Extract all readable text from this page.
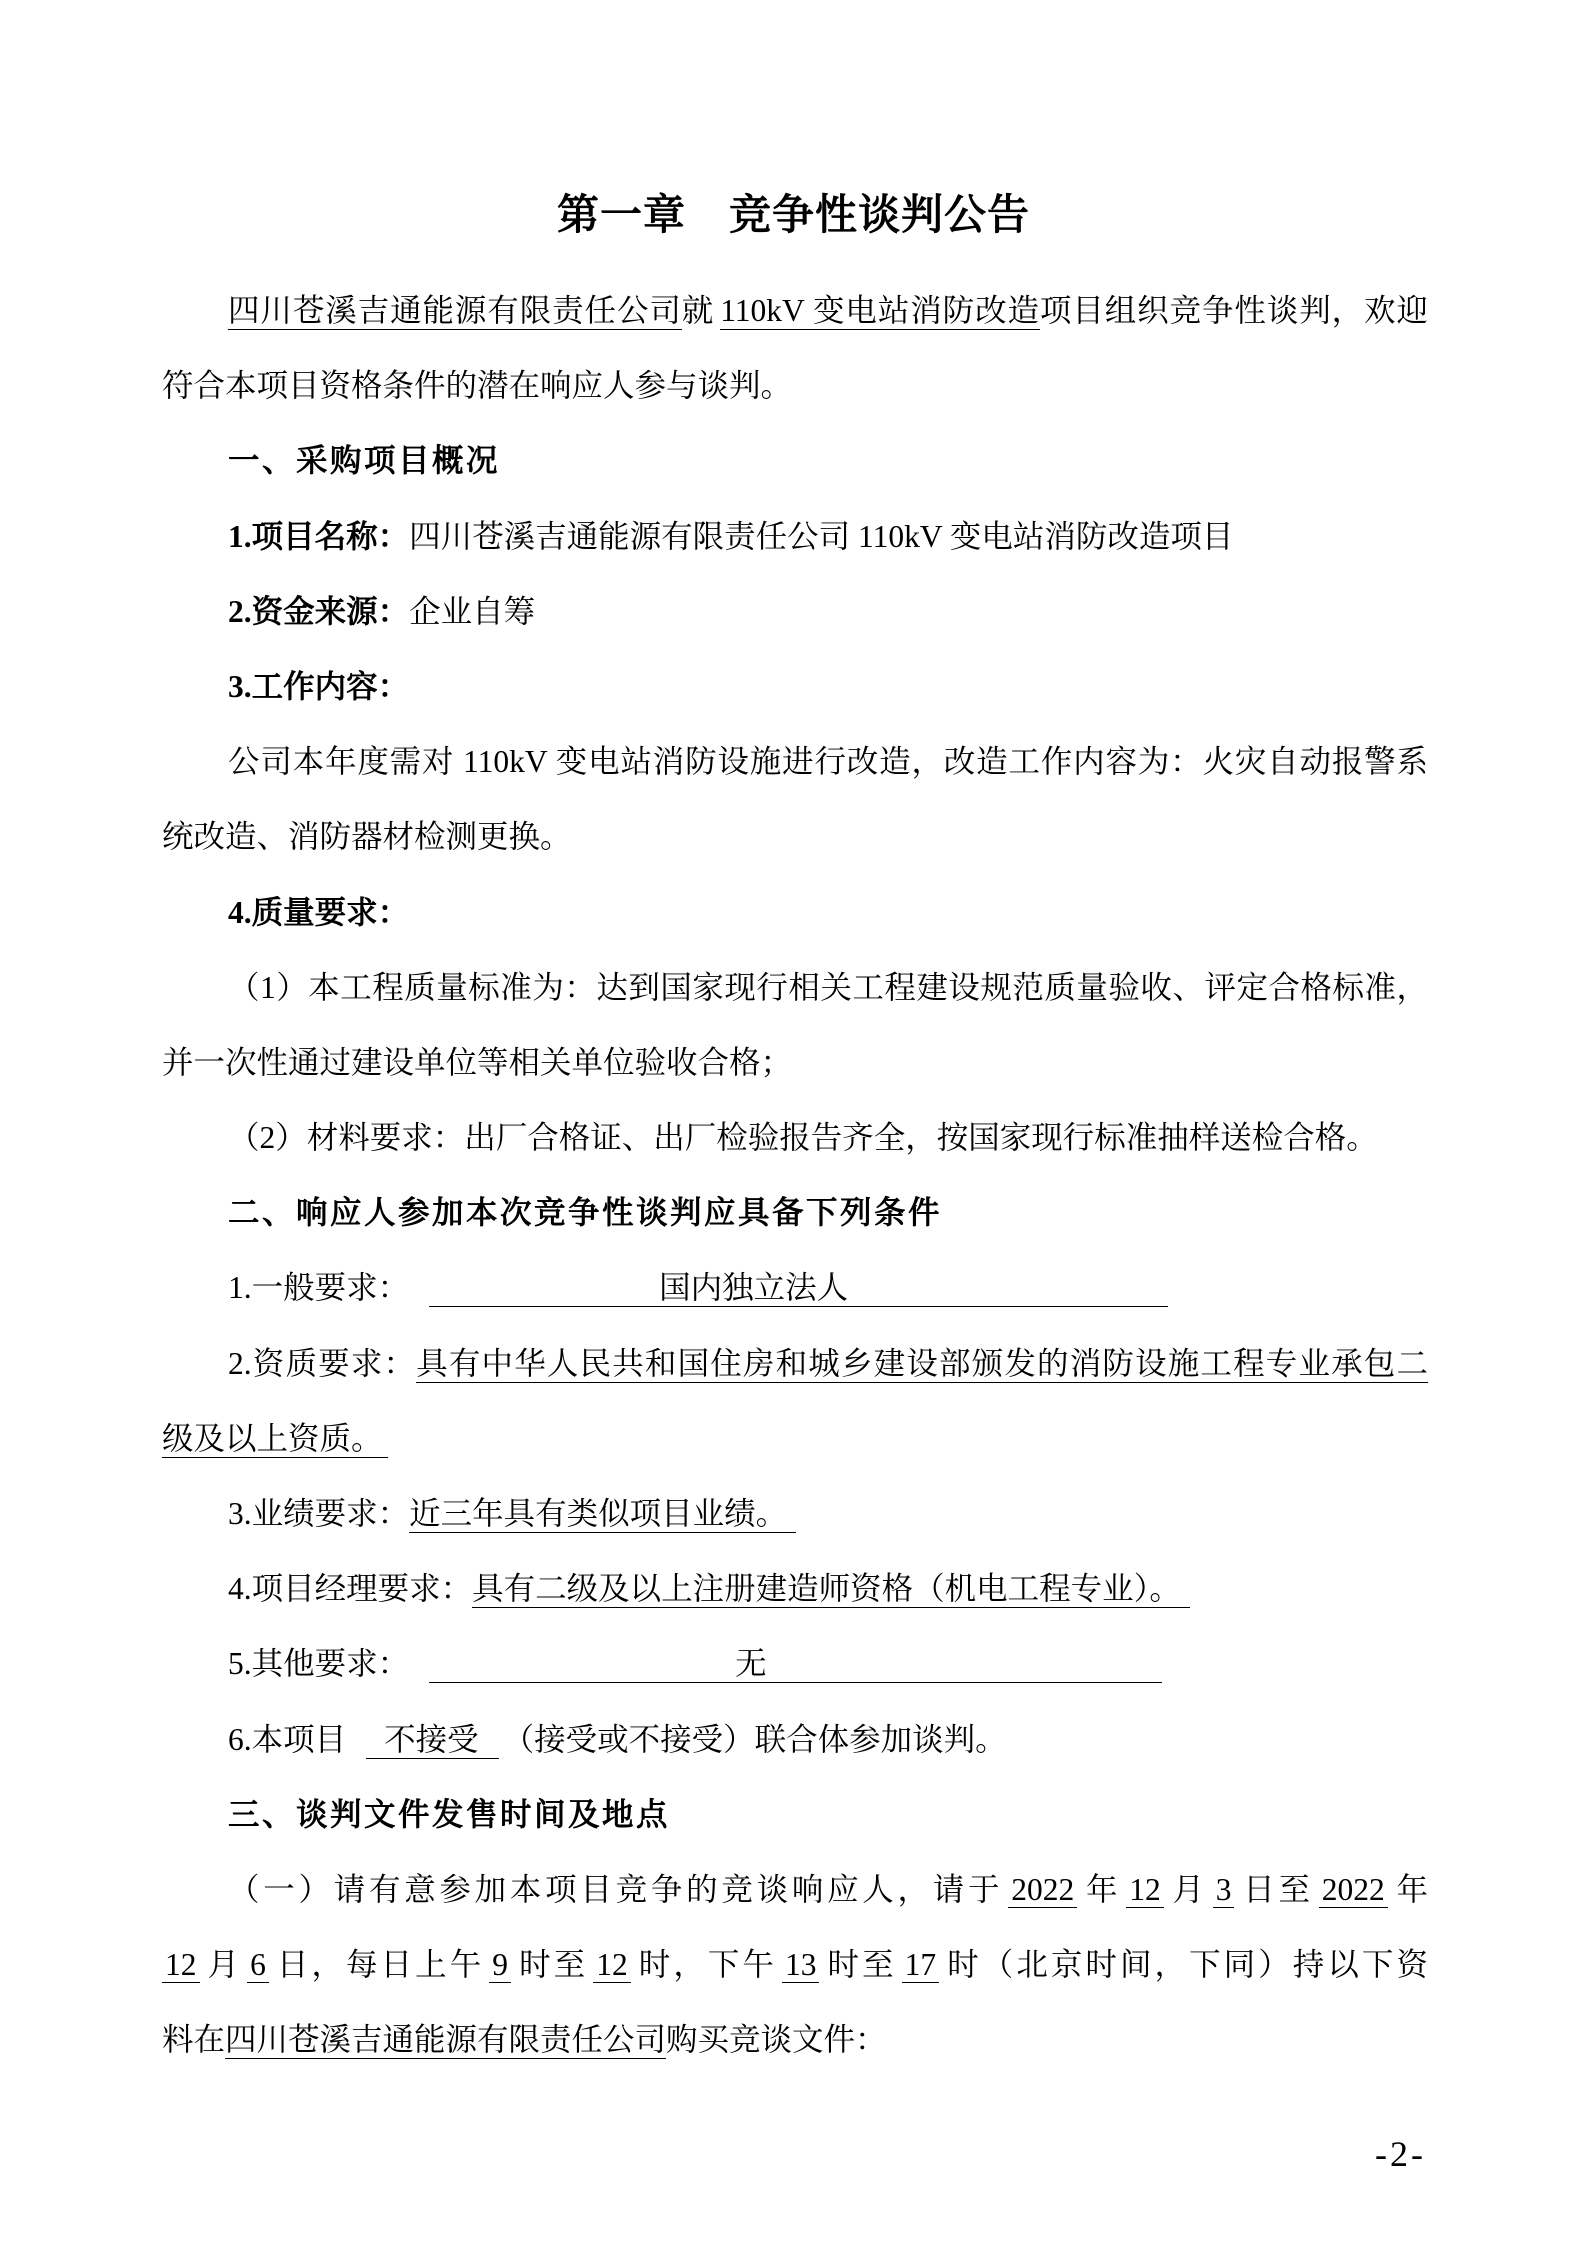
第一章　竞争性谈判公告
四川苍溪吉通能源有限责任公司就 110kV 变电站消防改造项目组织竞争性谈判，欢迎
符合本项目资格条件的潜在响应人参与谈判。
一、采购项目概况
1.项目名称：四川苍溪吉通能源有限责任公司 110kV 变电站消防改造项目
2.资金来源：企业自筹
3.工作内容：
公司本年度需对 110kV 变电站消防设施进行改造，改造工作内容为：火灾自动报警系
统改造、消防器材检测更换。
4.质量要求：
（1）本工程质量标准为：达到国家现行相关工程建设规范质量验收、评定合格标准，
并一次性通过建设单位等相关单位验收合格；
（2）材料要求：出厂合格证、出厂检验报告齐全，按国家现行标准抽样送检合格。
二、响应人参加本次竞争性谈判应具备下列条件
1.一般要求：	国内独立法人
2.资质要求：具有中华人民共和国住房和城乡建设部颁发的消防设施工程专业承包二
级及以上资质。
3.业绩要求：近三年具有类似项目业绩。
4.项目经理要求：具有二级及以上注册建造师资格（机电工程专业）。
5.其他要求：	无
6.本项目 不接受 （接受或不接受）联合体参加谈判。
三、谈判文件发售时间及地点
（一）请有意参加本项目竞争的竞谈响应人，请于 2022 年 12 月 3 日至 2022 年
12 月 6 日，每日上午 9 时至 12 时，下午 13 时至 17 时（北京时间，下同）持以下资
料在四川苍溪吉通能源有限责任公司购买竞谈文件：
-2-
